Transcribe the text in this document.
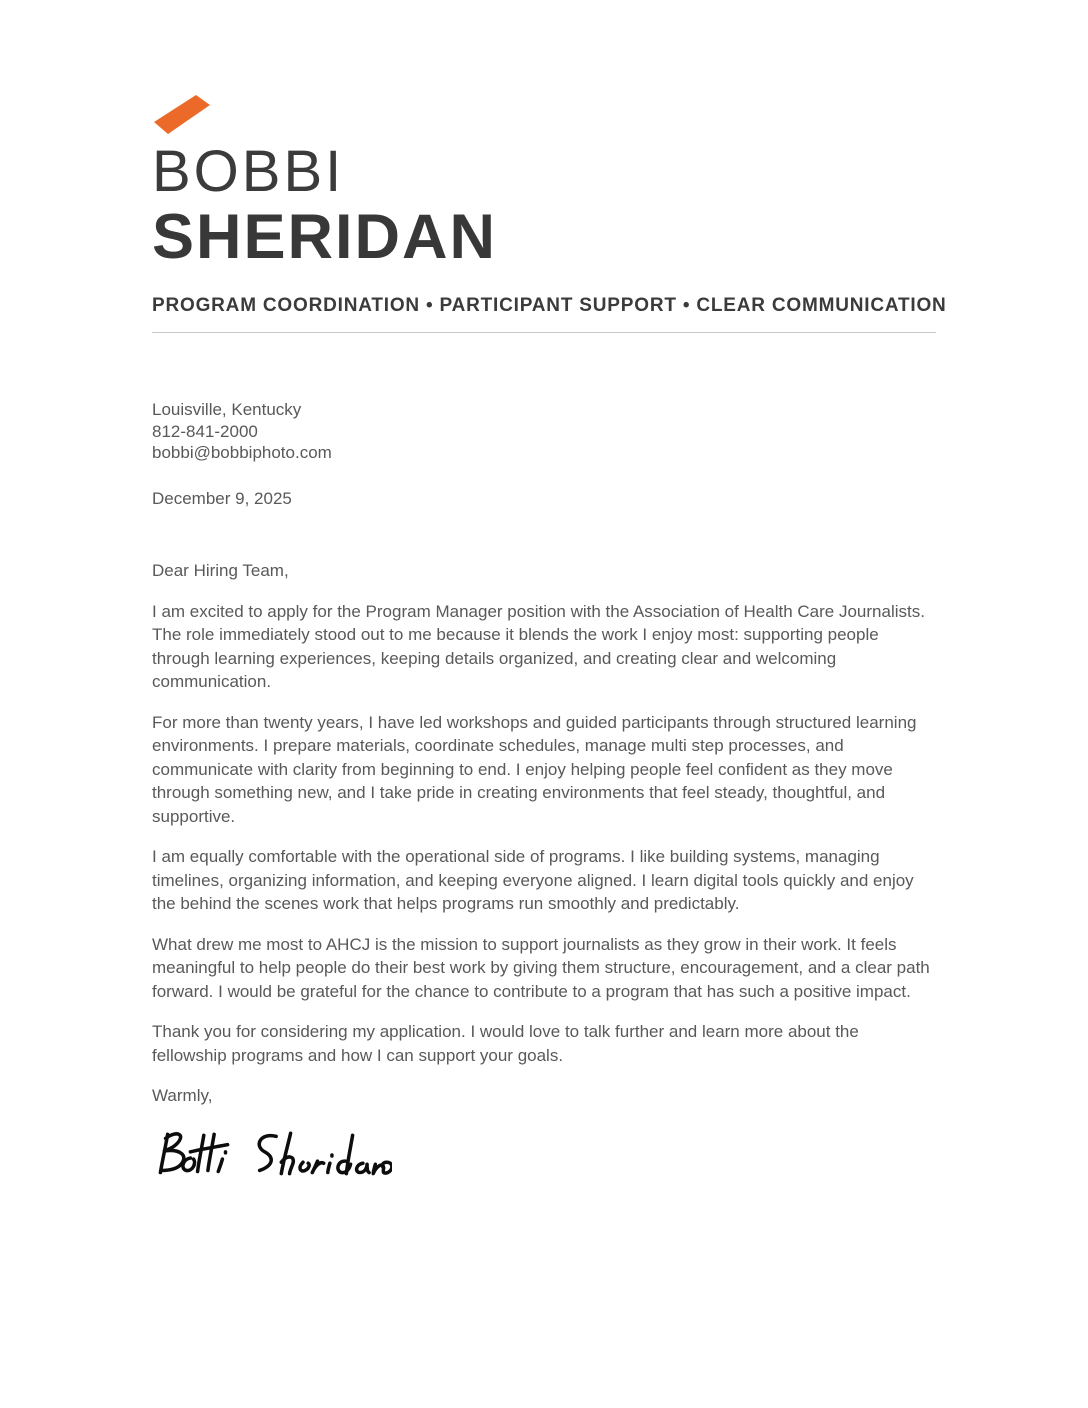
BOBBI
SHERIDAN
PROGRAM COORDINATION • PARTICIPANT SUPPORT • CLEAR COMMUNICATION
Louisville, Kentucky
812-841-2000
bobbi@bobbiphoto.com
December 9, 2025

Dear Hiring Team,

I am excited to apply for the Program Manager position with the Association of Health Care Journalists. The role immediately stood out to me because it blends the work I enjoy most: supporting people through learning experiences, keeping details organized, and creating clear and welcoming communication.

For more than twenty years, I have led workshops and guided participants through structured learning environments. I prepare materials, coordinate schedules, manage multi step processes, and communicate with clarity from beginning to end. I enjoy helping people feel confident as they move through something new, and I take pride in creating environments that feel steady, thoughtful, and supportive.

I am equally comfortable with the operational side of programs. I like building systems, managing timelines, organizing information, and keeping everyone aligned. I learn digital tools quickly and enjoy the behind the scenes work that helps programs run smoothly and predictably.

What drew me most to AHCJ is the mission to support journalists as they grow in their work. It feels meaningful to help people do their best work by giving them structure, encouragement, and a clear path forward. I would be grateful for the chance to contribute to a program that has such a positive impact.

Thank you for considering my application. I would love to talk further and learn more about the fellowship programs and how I can support your goals.

Warmly,
